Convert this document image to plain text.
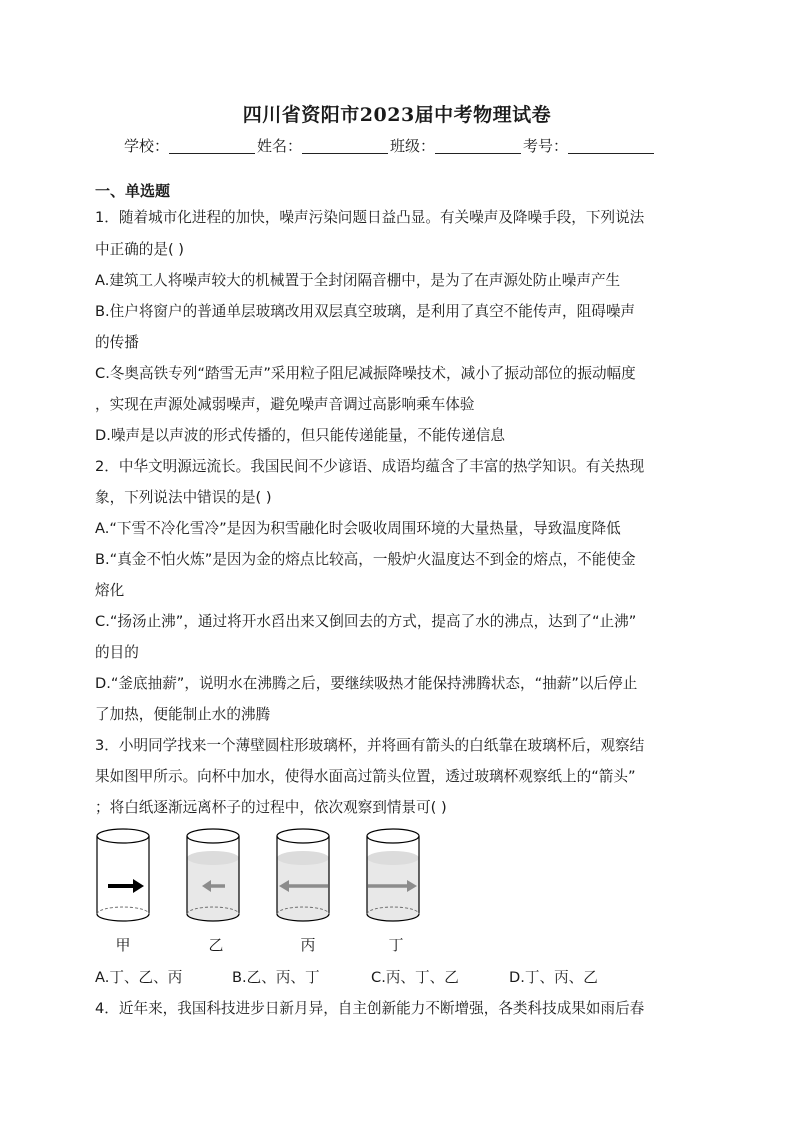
四川省资阳市2023届中考物理试卷
学校：	姓名：	班级：	考号：
一、单选题
1．随着城市化进程的加快，噪声污染问题日益凸显。有关噪声及降噪手段，下列说法
中正确的是( )
A.建筑工人将噪声较大的机械置于全封闭隔音棚中，是为了在声源处防止噪声产生
B.住户将窗户的普通单层玻璃改用双层真空玻璃，是利用了真空不能传声，阻碍噪声
的传播
C.冬奥高铁专列“踏雪无声”采用粒子阻尼减振降噪技术，减小了振动部位的振动幅度
，实现在声源处减弱噪声，避免噪声音调过高影响乘车体验
D.噪声是以声波的形式传播的，但只能传递能量，不能传递信息
2．中华文明源远流长。我国民间不少谚语、成语均蕴含了丰富的热学知识。有关热现
象，下列说法中错误的是( )
A.“下雪不冷化雪冷”是因为积雪融化时会吸收周围环境的大量热量，导致温度降低
B.“真金不怕火炼”是因为金的熔点比较高，一般炉火温度达不到金的熔点，不能使金
熔化
C.“扬汤止沸”，通过将开水舀出来又倒回去的方式，提高了水的沸点，达到了“止沸”
的目的
D.“釜底抽薪”，说明水在沸腾之后，要继续吸热才能保持沸腾状态，“抽薪”以后停止
了加热，便能制止水的沸腾
3．小明同学找来一个薄壁圆柱形玻璃杯，并将画有箭头的白纸靠在玻璃杯后，观察结
果如图甲所示。向杯中加水，使得水面高过箭头位置，透过玻璃杯观察纸上的“箭头”
；将白纸逐渐远离杯子的过程中，依次观察到情景可( )
甲	乙	丙	丁
A.丁、乙、丙	B.乙、丙、丁	C.丙、丁、乙	D.丁、丙、乙
4．近年来，我国科技进步日新月异，自主创新能力不断增强，各类科技成果如雨后春
